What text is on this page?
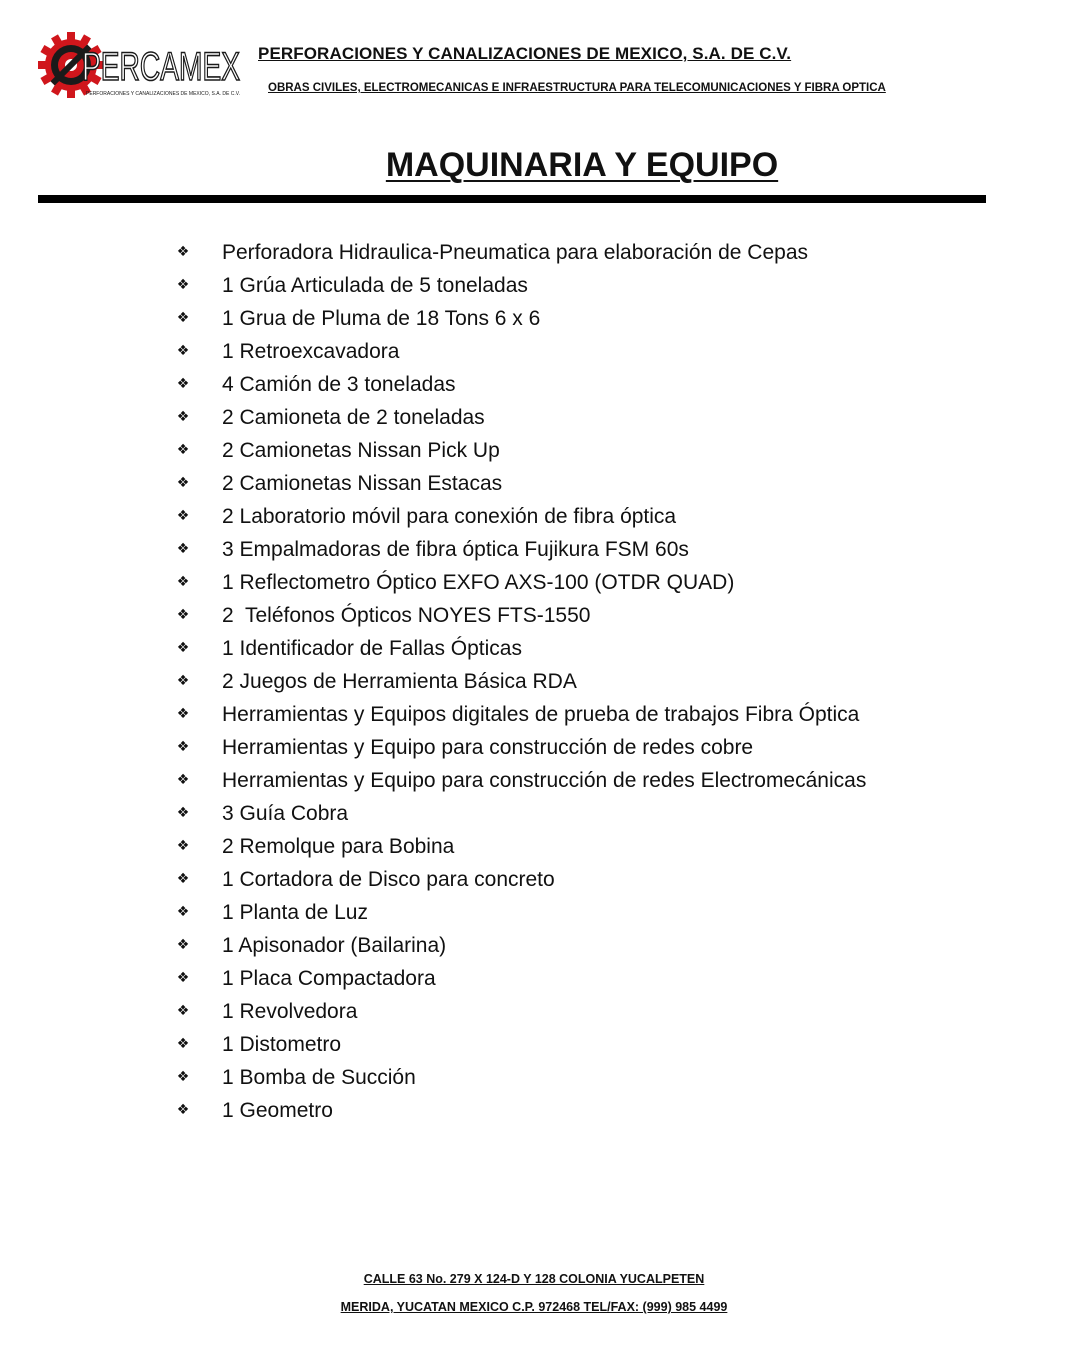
PERCAMEX
PERFORACIONES Y CANALIZACIONES DE MEXICO, S.A. DE C.V.
PERFORACIONES Y CANALIZACIONES DE MEXICO, S.A. DE C.V.
OBRAS CIVILES, ELECTROMECANICAS E INFRAESTRUCTURA PARA TELECOMUNICACIONES Y FIBRA OPTICA
MAQUINARIA Y EQUIPO
❖ Perforadora Hidraulica-Pneumatica para elaboración de Cepas
❖ 1 Grúa Articulada de 5 toneladas
❖ 1 Grua de Pluma de 18 Tons 6 x 6
❖ 1 Retroexcavadora
❖ 4 Camión de 3 toneladas
❖ 2 Camioneta de 2 toneladas
❖ 2 Camionetas Nissan Pick Up
❖ 2 Camionetas Nissan Estacas
❖ 2 Laboratorio móvil para conexión de fibra óptica
❖ 3 Empalmadoras de fibra óptica Fujikura FSM 60s
❖ 1 Reflectometro Óptico EXFO AXS-100 (OTDR QUAD)
❖ 2  Teléfonos Ópticos NOYES FTS-1550
❖ 1 Identificador de Fallas Ópticas
❖ 2 Juegos de Herramienta Básica RDA
❖ Herramientas y Equipos digitales de prueba de trabajos Fibra Óptica
❖ Herramientas y Equipo para construcción de redes cobre
❖ Herramientas y Equipo para construcción de redes Electromecánicas
❖ 3 Guía Cobra
❖ 2 Remolque para Bobina
❖ 1 Cortadora de Disco para concreto
❖ 1 Planta de Luz
❖ 1 Apisonador (Bailarina)
❖ 1 Placa Compactadora
❖ 1 Revolvedora
❖ 1 Distometro
❖ 1 Bomba de Succión
❖ 1 Geometro
CALLE 63 No. 279 X 124-D Y 128 COLONIA YUCALPETEN
MERIDA, YUCATAN MEXICO C.P. 972468 TEL/FAX: (999) 985 4499
